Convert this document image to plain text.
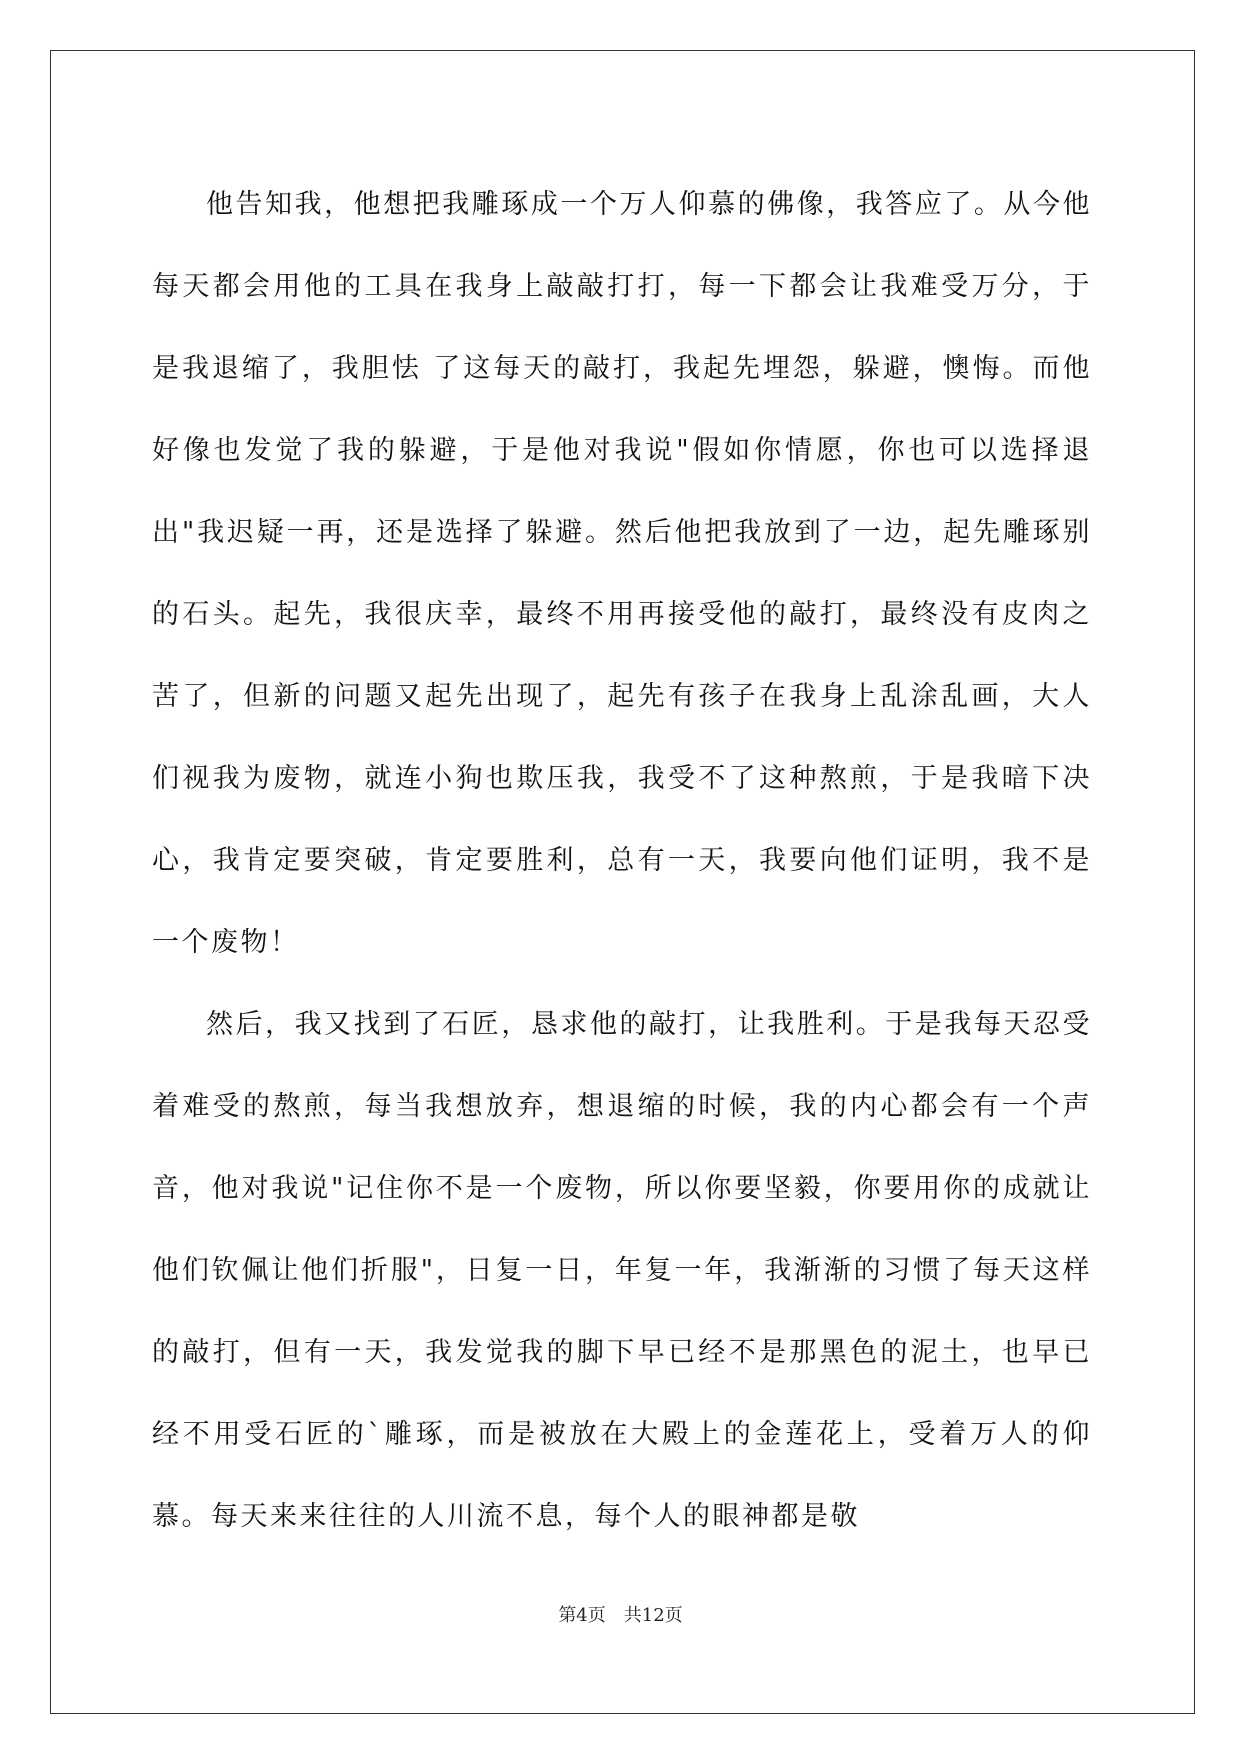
他告知我，他想把我雕琢成一个万人仰慕的佛像，我答应了。从今他每天都会用他的工具在我身上敲敲打打，每一下都会让我难受万分，于是我退缩了，我胆怯 了这每天的敲打，我起先埋怨，躲避，懊悔。而他好像也发觉了我的躲避，于是他对我说"假如你情愿，你也可以选择退出"我迟疑一再，还是选择了躲避。然后他把我放到了一边，起先雕琢别的石头。起先，我很庆幸，最终不用再接受他的敲打，最终没有皮肉之苦了，但新的问题又起先出现了，起先有孩子在我身上乱涂乱画，大人们视我为废物，就连小狗也欺压我，我受不了这种熬煎，于是我暗下决心，我肯定要突破，肯定要胜利，总有一天，我要向他们证明，我不是一个废物！

然后，我又找到了石匠，恳求他的敲打，让我胜利。于是我每天忍受着难受的熬煎，每当我想放弃，想退缩的时候，我的内心都会有一个声音，他对我说"记住你不是一个废物，所以你要坚毅，你要用你的成就让他们钦佩让他们折服"，日复一日，年复一年，我渐渐的习惯了每天这样的敲打，但有一天，我发觉我的脚下早已经不是那黑色的泥土，也早已经不用受石匠的`雕琢，而是被放在大殿上的金莲花上，受着万人的仰慕。每天来来往往的人川流不息，每个人的眼神都是敬

第4页 共12页
